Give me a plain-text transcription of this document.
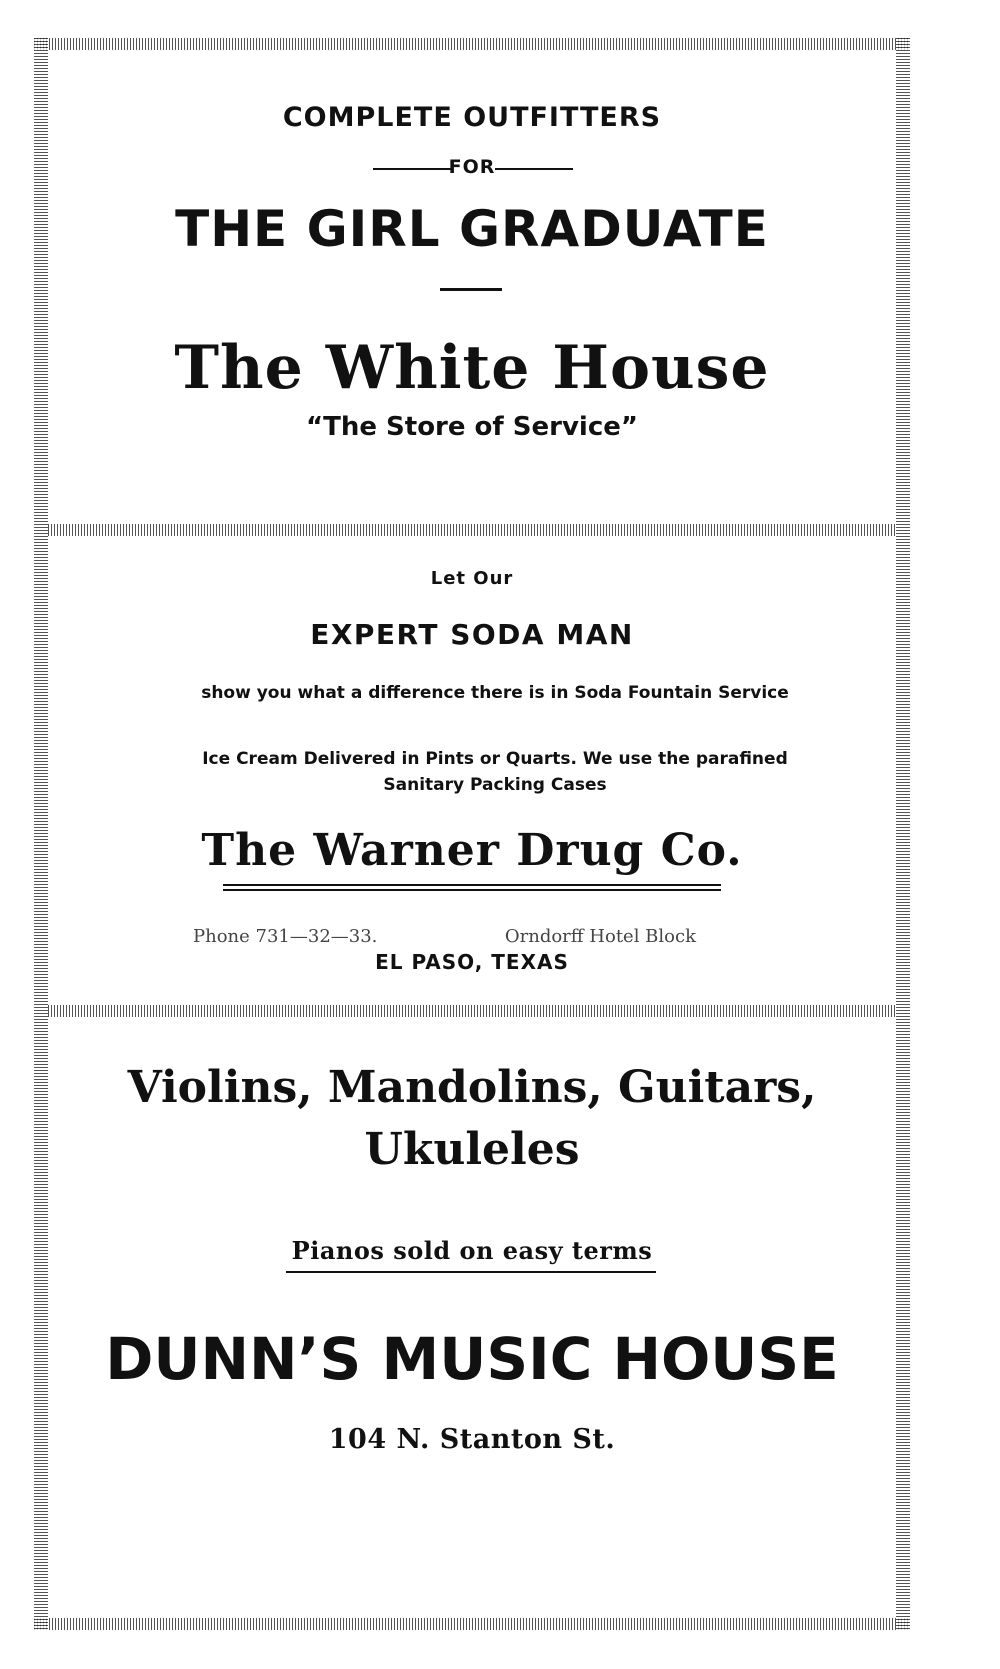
COMPLETE OUTFITTERS
FOR
THE GIRL GRADUATE
The White House
“The Store of Service”
Let Our
EXPERT SODA MAN
show you what a difference there is in Soda Fountain Service
Ice Cream Delivered in Pints or Quarts. We use the parafined Sanitary Packing Cases
The Warner Drug Co.
Phone 731—32—33.	Orndorff Hotel Block
EL PASO, TEXAS
Violins, Mandolins, Guitars,
Ukuleles
Pianos sold on easy terms
DUNN’S MUSIC HOUSE
104 N. Stanton St.
